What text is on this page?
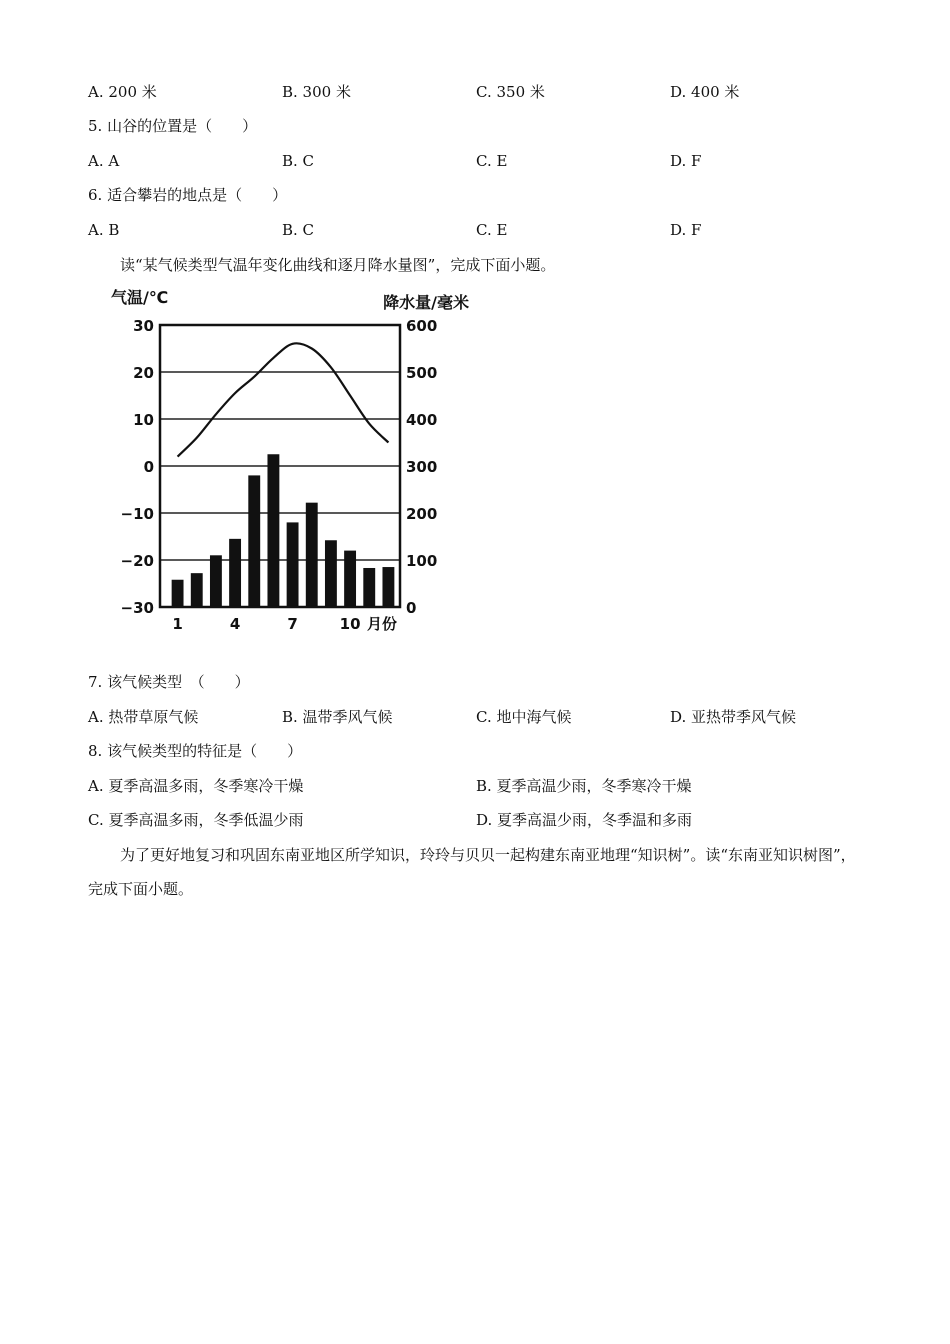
A. 200 米	B. 300 米	C. 350 米	D. 400 米
5. 山谷的位置是（　　）
A. A	B. C	C. E	D. F
6. 适合攀岩的地点是（　　）
A. B	B. C	C. E	D. F
读“某气候类型气温年变化曲线和逐月降水量图”，完成下面小题。
气温/℃	降水量/毫米
30
20
10
0
−10
−20
−30
600
500
400
300
200
100
0
1	4	7	10 月份
7. 该气候类型　（　　）
A. 热带草原气候	B. 温带季风气候	C. 地中海气候	D. 亚热带季风气候
8. 该气候类型的特征是（　　）
A. 夏季高温多雨，冬季寒冷干燥	B. 夏季高温少雨，冬季寒冷干燥
C. 夏季高温多雨，冬季低温少雨	D. 夏季高温少雨，冬季温和多雨
为了更好地复习和巩固东南亚地区所学知识，玲玲与贝贝一起构建东南亚地理“知识树”。读“东南亚知识树图”，完成下面小题。
